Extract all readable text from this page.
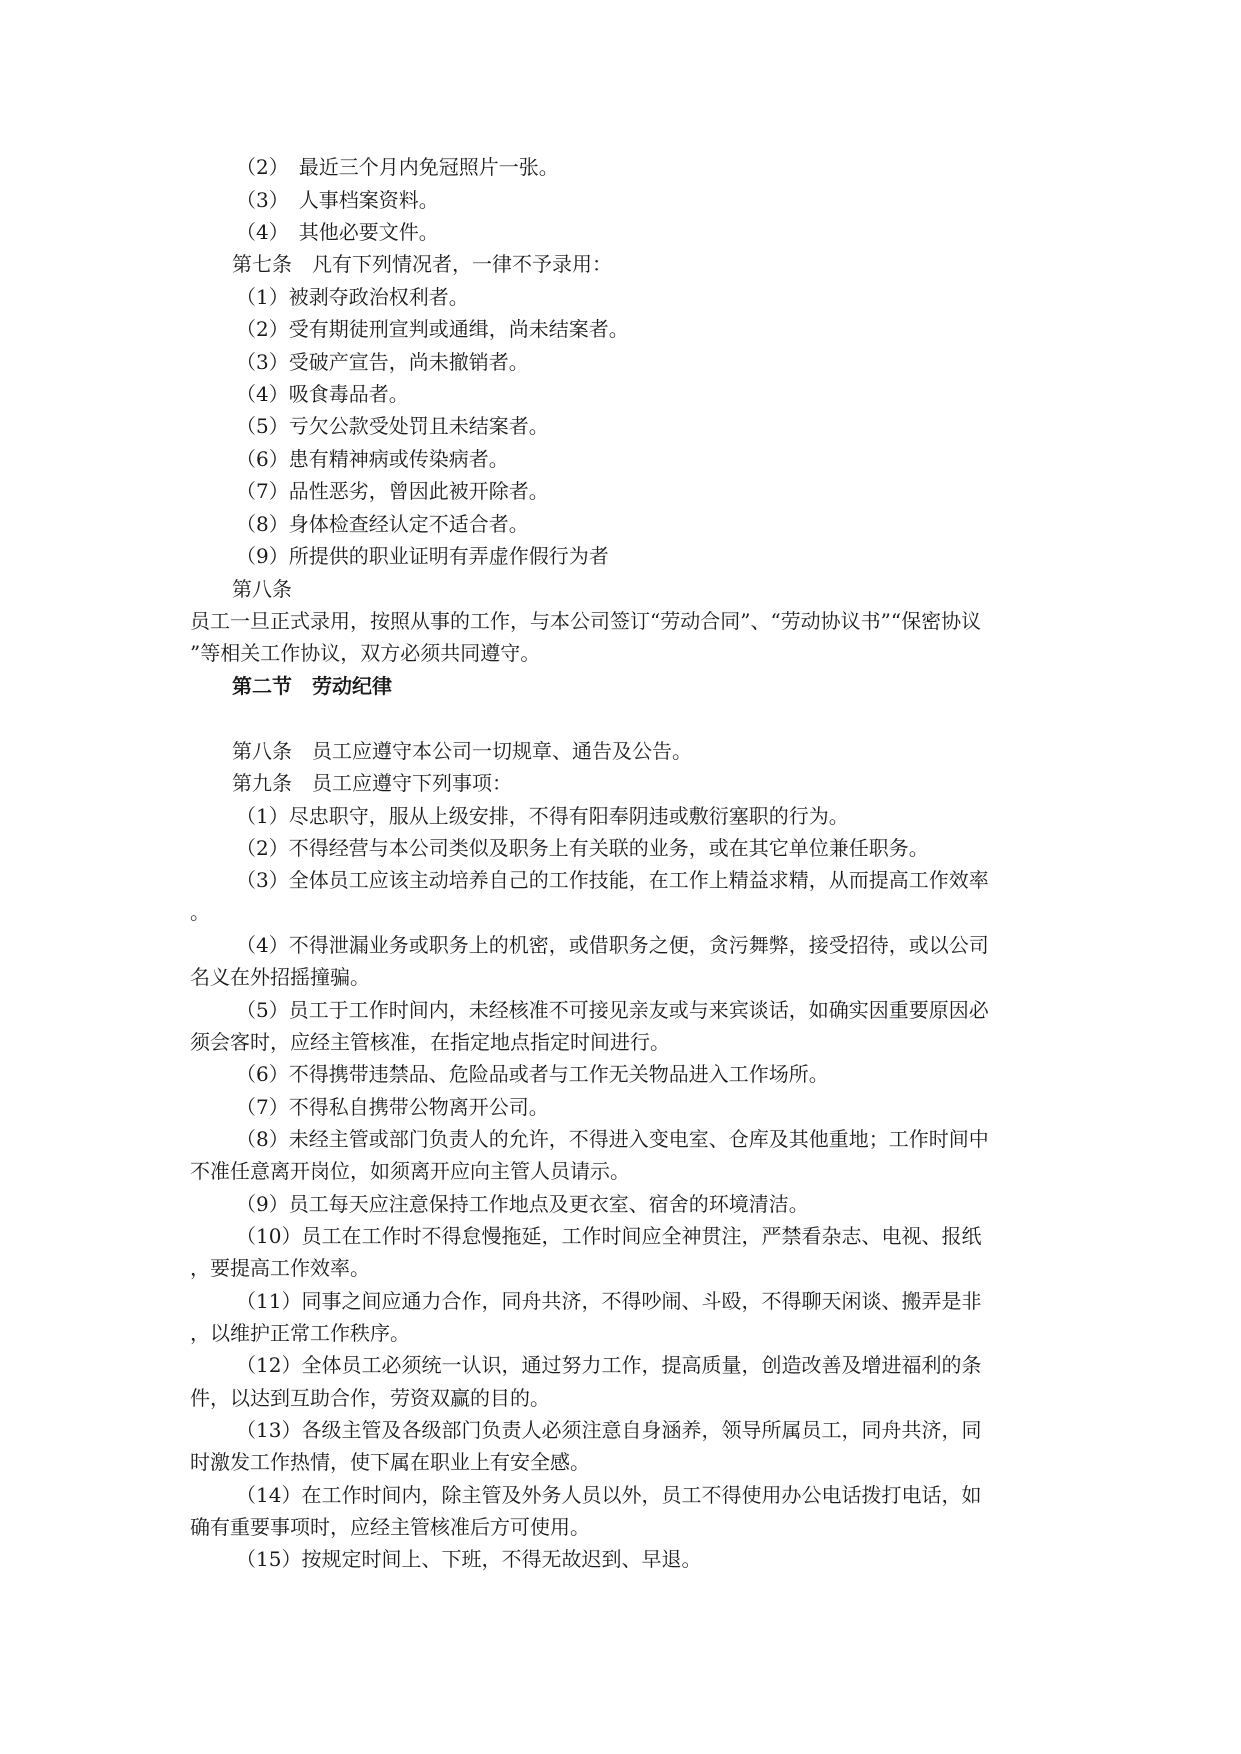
（2）　最近三个月内免冠照片一张。
（3）　人事档案资料。
（4）　其他必要文件。
第七条　凡有下列情况者，一律不予录用：
（1）被剥夺政治权利者。
（2）受有期徒刑宣判或通缉，尚未结案者。
（3）受破产宣告，尚未撤销者。
（4）吸食毒品者。
（5）亏欠公款受处罚且未结案者。
（6）患有精神病或传染病者。
（7）品性恶劣，曾因此被开除者。
（8）身体检查经认定不适合者。
（9）所提供的职业证明有弄虚作假行为者
第八条
员工一旦正式录用，按照从事的工作，与本公司签订“劳动合同”、“劳动协议书”“保密协议
”等相关工作协议，双方必须共同遵守。
第二节　劳动纪律
第八条　员工应遵守本公司一切规章、通告及公告。
第九条　员工应遵守下列事项：
（1）尽忠职守，服从上级安排，不得有阳奉阴违或敷衍塞职的行为。
（2）不得经营与本公司类似及职务上有关联的业务，或在其它单位兼任职务。
（3）全体员工应该主动培养自己的工作技能，在工作上精益求精，从而提高工作效率
。
（4）不得泄漏业务或职务上的机密，或借职务之便，贪污舞弊，接受招待，或以公司
名义在外招摇撞骗。
（5）员工于工作时间内，未经核准不可接见亲友或与来宾谈话，如确实因重要原因必
须会客时，应经主管核准，在指定地点指定时间进行。
（6）不得携带违禁品、危险品或者与工作无关物品进入工作场所。
（7）不得私自携带公物离开公司。
（8）未经主管或部门负责人的允许，不得进入变电室、仓库及其他重地；工作时间中
不准任意离开岗位，如须离开应向主管人员请示。
（9）员工每天应注意保持工作地点及更衣室、宿舍的环境清洁。
（10）员工在工作时不得怠慢拖延，工作时间应全神贯注，严禁看杂志、电视、报纸
，要提高工作效率。
（11）同事之间应通力合作，同舟共济，不得吵闹、斗殴，不得聊天闲谈、搬弄是非
，以维护正常工作秩序。
（12）全体员工必须统一认识，通过努力工作，提高质量，创造改善及增进福利的条
件，以达到互助合作，劳资双赢的目的。
（13）各级主管及各级部门负责人必须注意自身涵养，领导所属员工，同舟共济，同
时激发工作热情，使下属在职业上有安全感。
（14）在工作时间内，除主管及外务人员以外，员工不得使用办公电话拨打电话，如
确有重要事项时，应经主管核准后方可使用。
（15）按规定时间上、下班，不得无故迟到、早退。
